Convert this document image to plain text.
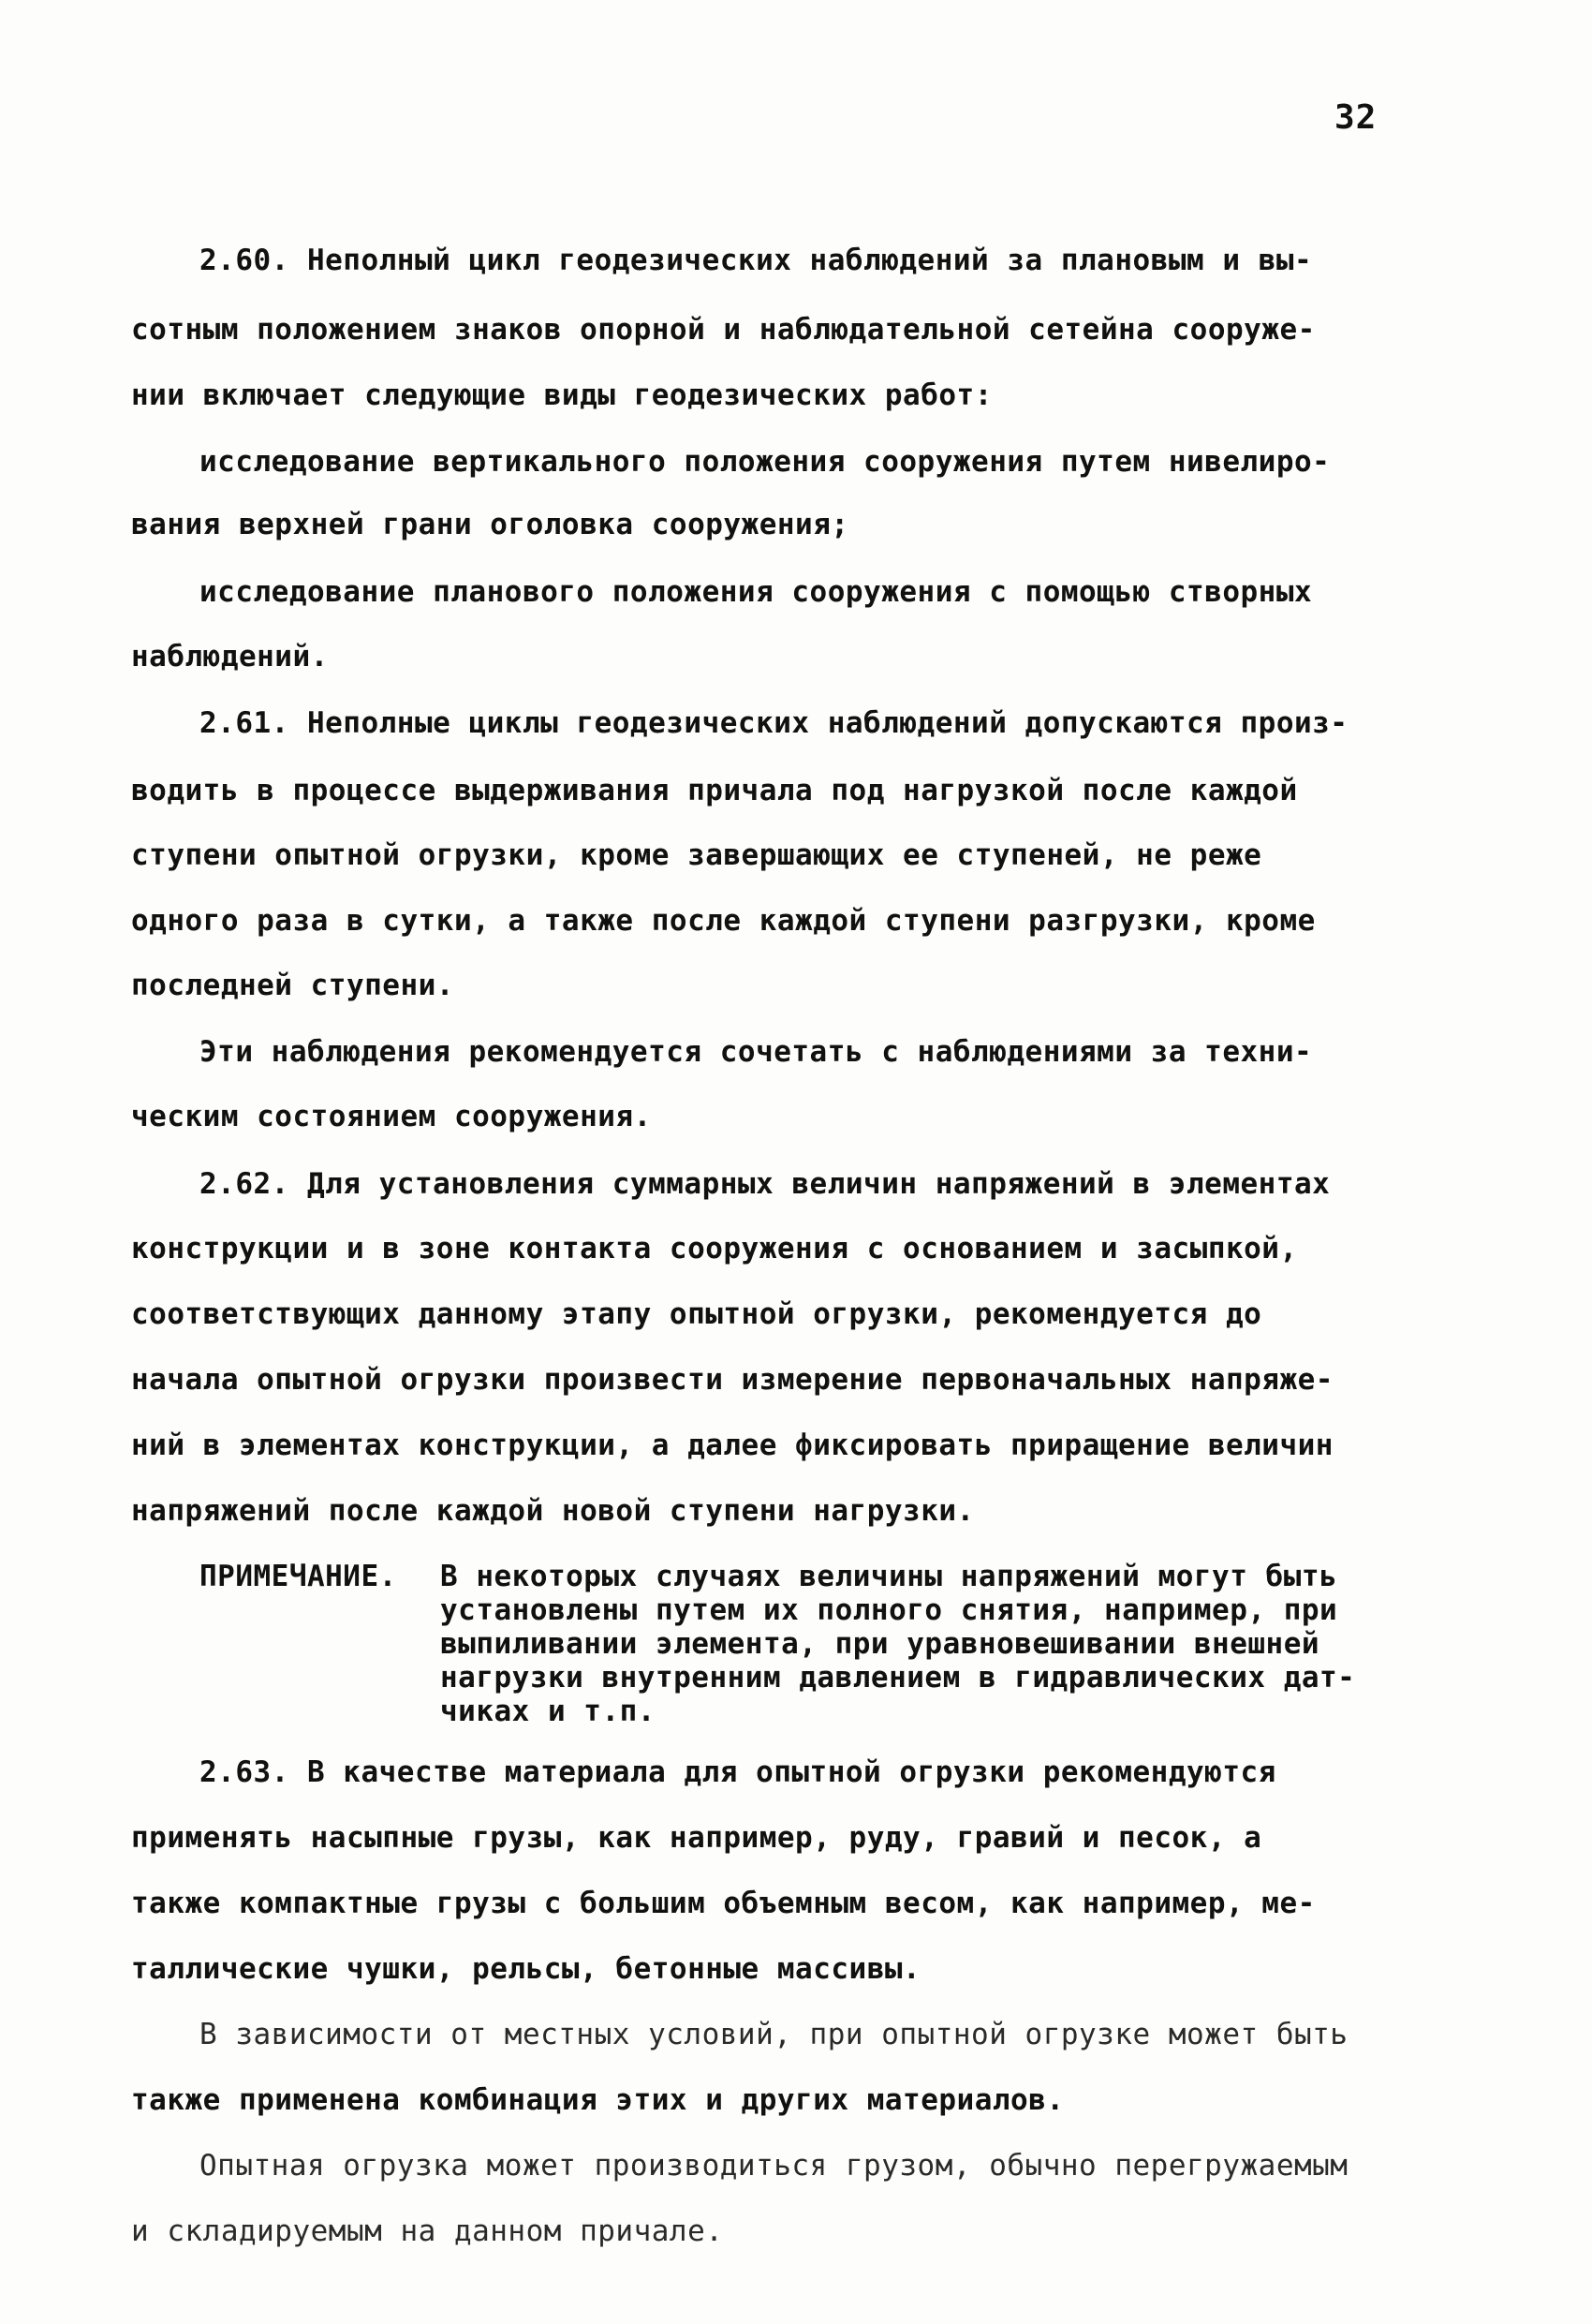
32
2.60. Неполный цикл геодезических наблюдений за плановым и вы-
сотным положением знаков опорной и наблюдательной сетейна сооруже-
нии включает следующие виды геодезических работ:
исследование вертикального положения сооружения путем нивелиро-
вания верхней грани оголовка сооружения;
исследование планового положения сооружения с помощью створных
наблюдений.
2.61. Неполные циклы геодезических наблюдений допускаются произ-
водить в процессе выдерживания причала под нагрузкой после каждой
ступени опытной огрузки, кроме завершающих ее ступеней, не реже
одного раза в сутки, а также после каждой ступени разгрузки, кроме
последней ступени.
Эти наблюдения рекомендуется сочетать с наблюдениями за техни-
ческим состоянием сооружения.
2.62. Для установления суммарных величин напряжений в элементах
конструкции и в зоне контакта сооружения с основанием и засыпкой,
соответствующих данному этапу опытной огрузки, рекомендуется до
начала опытной огрузки произвести измерение первоначальных напряже-
ний в элементах конструкции, а далее фиксировать приращение величин
напряжений после каждой новой ступени нагрузки.
ПРИМЕЧАНИЕ. В некоторых случаях величины напряжений могут быть
установлены путем их полного снятия, например, при
выпиливании элемента, при уравновешивании внешней
нагрузки внутренним давлением в гидравлических дат-
чиках и т.п.
2.63. В качестве материала для опытной огрузки рекомендуются
применять насыпные грузы, как например, руду, гравий и песок, а
также компактные грузы с большим объемным весом, как например, ме-
таллические чушки, рельсы, бетонные массивы.
В зависимости от местных условий, при опытной огрузке может быть
также применена комбинация этих и других материалов.
Опытная огрузка может производиться грузом, обычно перегружаемым
и складируемым на данном причале.
